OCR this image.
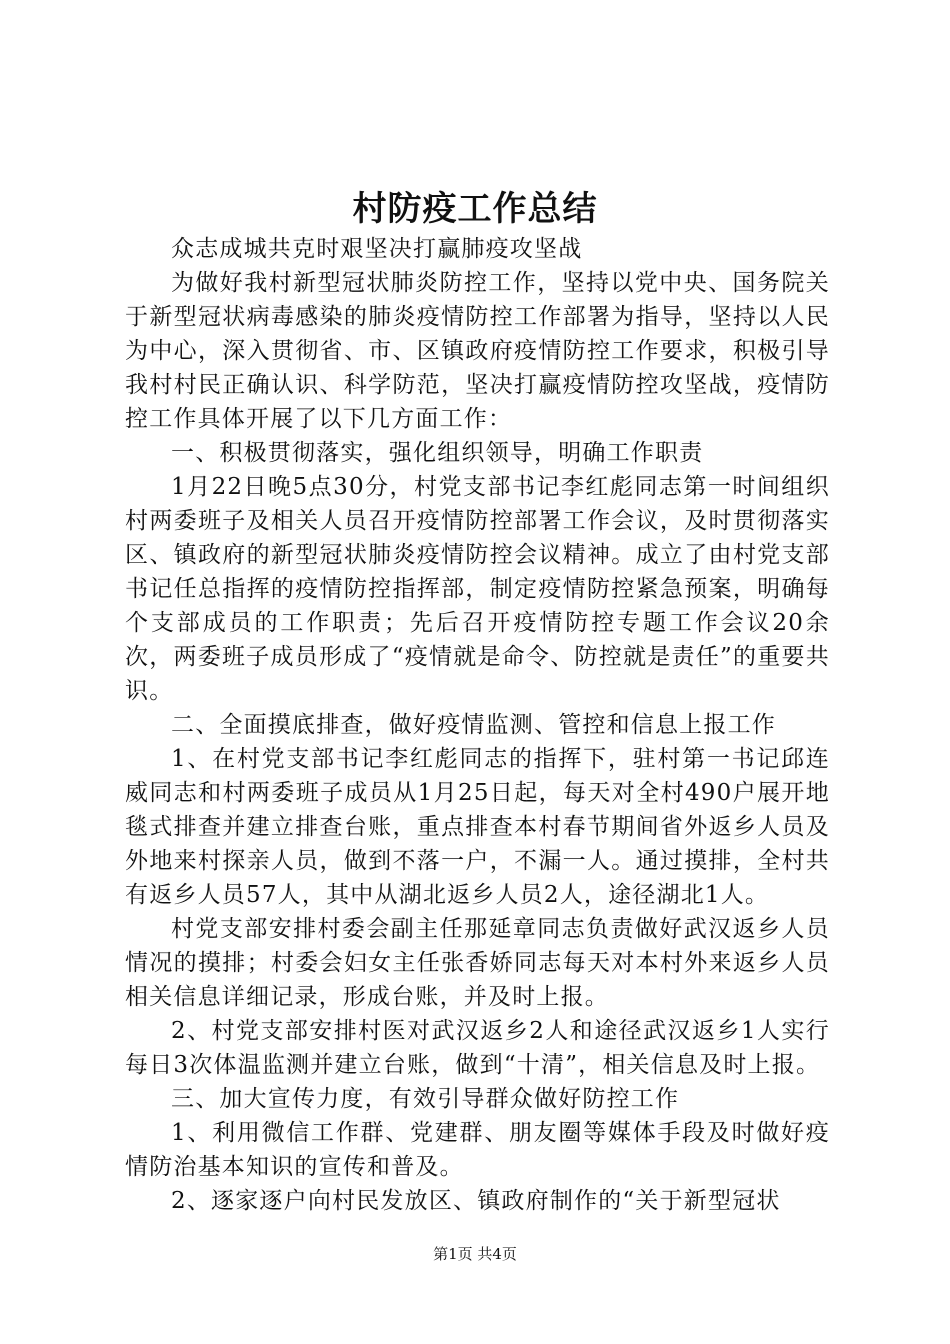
村防疫工作总结

众志成城共克时艰坚决打赢肺疫攻坚战

为做好我村新型冠状肺炎防控工作，坚持以党中央、国务院关于新型冠状病毒感染的肺炎疫情防控工作部署为指导，坚持以人民为中心，深入贯彻省、市、区镇政府疫情防控工作要求，积极引导我村村民正确认识、科学防范，坚决打赢疫情防控攻坚战，疫情防控工作具体开展了以下几方面工作：

一、积极贯彻落实，强化组织领导，明确工作职责

1月22日晚5点30分，村党支部书记李红彪同志第一时间组织村两委班子及相关人员召开疫情防控部署工作会议，及时贯彻落实区、镇政府的新型冠状肺炎疫情防控会议精神。成立了由村党支部书记任总指挥的疫情防控指挥部，制定疫情防控紧急预案，明确每个支部成员的工作职责；先后召开疫情防控专题工作会议20余次，两委班子成员形成了“疫情就是命令、防控就是责任”的重要共识。

二、全面摸底排查，做好疫情监测、管控和信息上报工作

1、在村党支部书记李红彪同志的指挥下，驻村第一书记邱连威同志和村两委班子成员从1月25日起，每天对全村490户展开地毯式排查并建立排查台账，重点排查本村春节期间省外返乡人员及外地来村探亲人员，做到不落一户，不漏一人。通过摸排，全村共有返乡人员57人，其中从湖北返乡人员2人，途径湖北1人。

村党支部安排村委会副主任那延章同志负责做好武汉返乡人员情况的摸排；村委会妇女主任张香娇同志每天对本村外来返乡人员相关信息详细记录，形成台账，并及时上报。

2、村党支部安排村医对武汉返乡2人和途径武汉返乡1人实行每日3次体温监测并建立台账，做到“十清”，相关信息及时上报。

三、加大宣传力度，有效引导群众做好防控工作

1、利用微信工作群、党建群、朋友圈等媒体手段及时做好疫情防治基本知识的宣传和普及。

2、逐家逐户向村民发放区、镇政府制作的“关于新型冠状

第1页 共4页
